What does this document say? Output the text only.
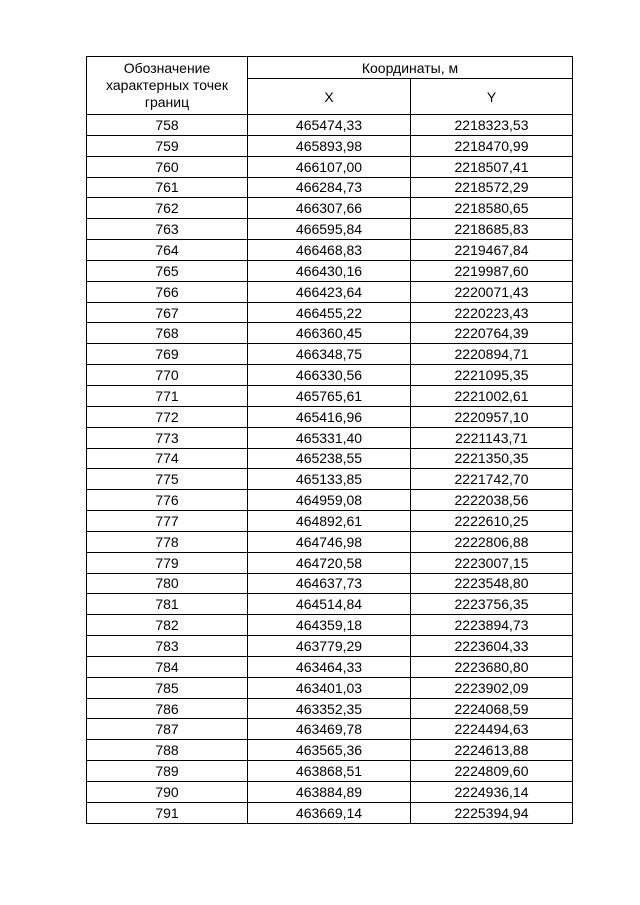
Обозначение характерных точек границ	Координаты, м	
	X	Y
758	465474,33	2218323,53
759	465893,98	2218470,99
760	466107,00	2218507,41
761	466284,73	2218572,29
762	466307,66	2218580,65
763	466595,84	2218685,83
764	466468,83	2219467,84
765	466430,16	2219987,60
766	466423,64	2220071,43
767	466455,22	2220223,43
768	466360,45	2220764,39
769	466348,75	2220894,71
770	466330,56	2221095,35
771	465765,61	2221002,61
772	465416,96	2220957,10
773	465331,40	2221143,71
774	465238,55	2221350,35
775	465133,85	2221742,70
776	464959,08	2222038,56
777	464892,61	2222610,25
778	464746,98	2222806,88
779	464720,58	2223007,15
780	464637,73	2223548,80
781	464514,84	2223756,35
782	464359,18	2223894,73
783	463779,29	2223604,33
784	463464,33	2223680,80
785	463401,03	2223902,09
786	463352,35	2224068,59
787	463469,78	2224494,63
788	463565,36	2224613,88
789	463868,51	2224809,60
790	463884,89	2224936,14
791	463669,14	2225394,94
